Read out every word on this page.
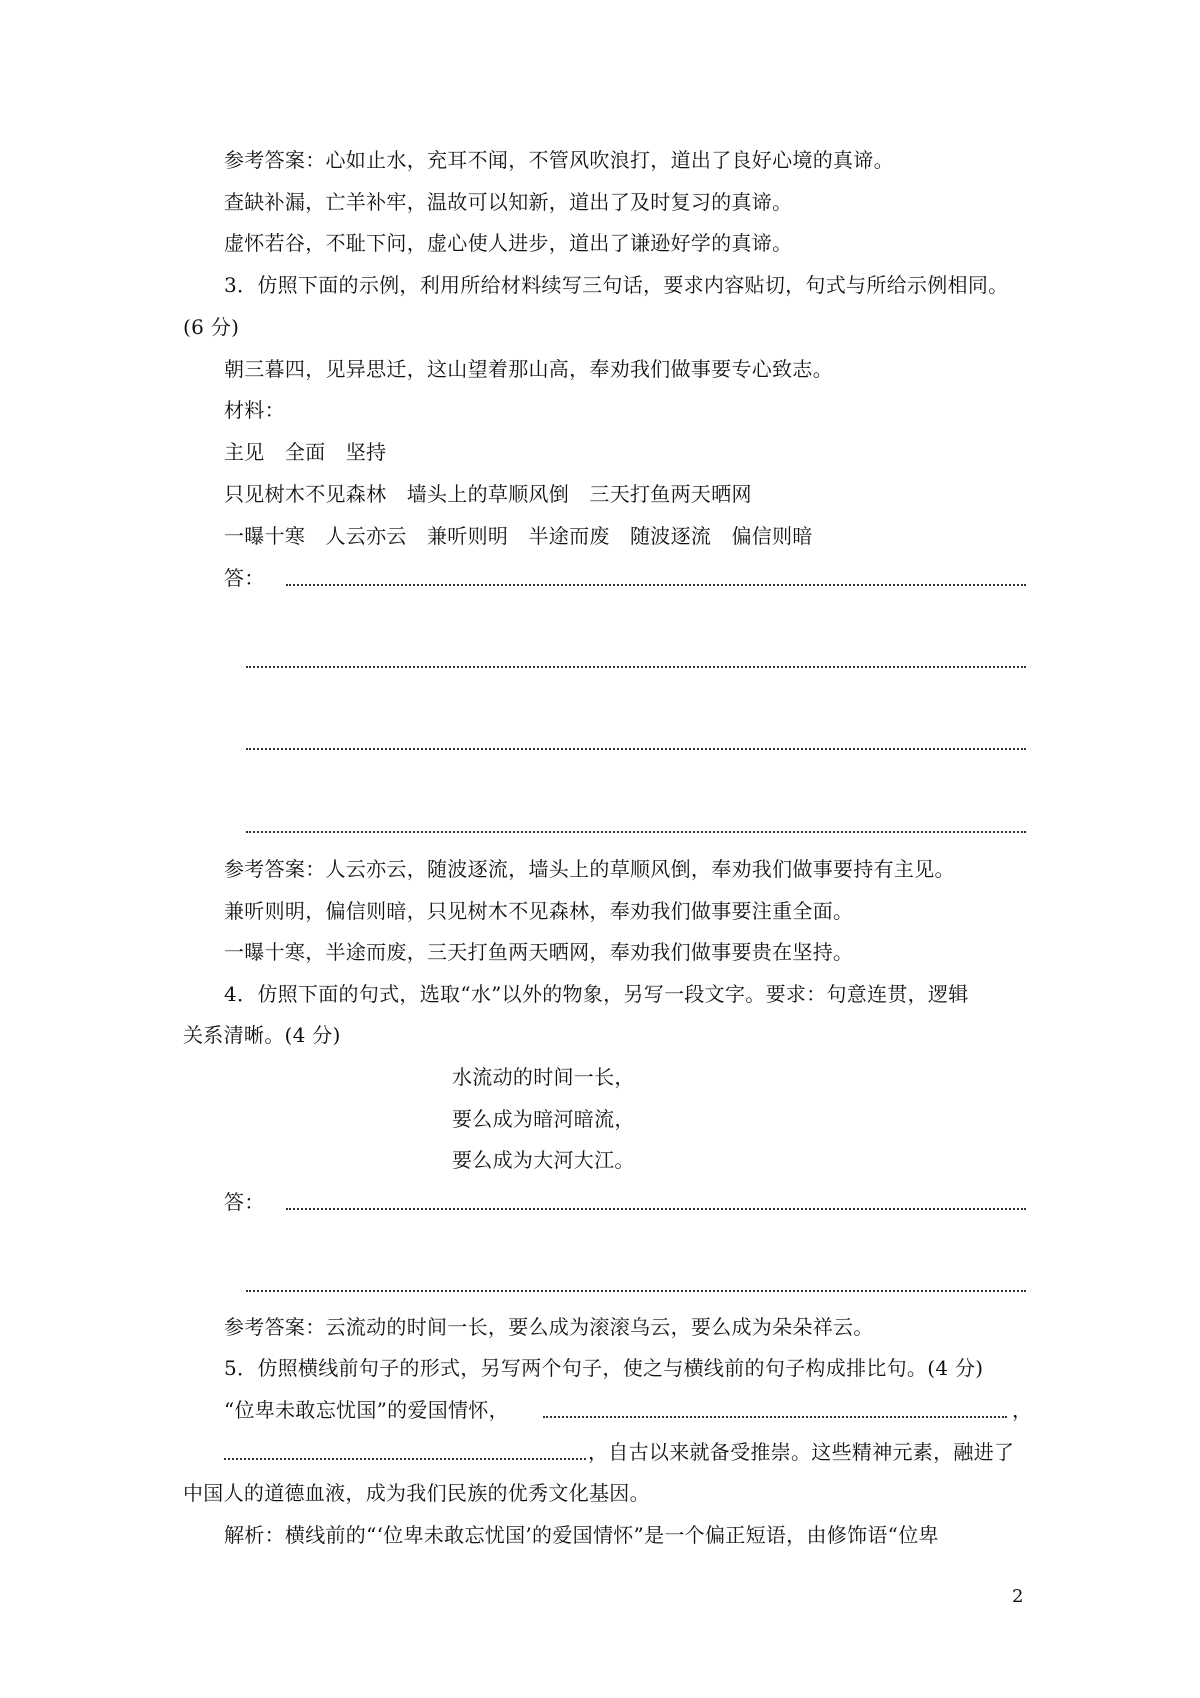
参考答案：心如止水，充耳不闻，不管风吹浪打，道出了良好心境的真谛。
查缺补漏，亡羊补牢，温故可以知新，道出了及时复习的真谛。
虚怀若谷，不耻下问，虚心使人进步，道出了谦逊好学的真谛。
3．仿照下面的示例，利用所给材料续写三句话，要求内容贴切，句式与所给示例相同。
(6 分)
朝三暮四，见异思迁，这山望着那山高，奉劝我们做事要专心致志。
材料：
主见　全面　坚持
只见树木不见森林　墙头上的草顺风倒　三天打鱼两天晒网
一曝十寒　人云亦云　兼听则明　半途而废　随波逐流　偏信则暗
答：
参考答案：人云亦云，随波逐流，墙头上的草顺风倒，奉劝我们做事要持有主见。
兼听则明，偏信则暗，只见树木不见森林，奉劝我们做事要注重全面。
一曝十寒，半途而废，三天打鱼两天晒网，奉劝我们做事要贵在坚持。
4．仿照下面的句式，选取“水”以外的物象，另写一段文字。要求：句意连贯，逻辑
关系清晰。(4 分)
水流动的时间一长，
要么成为暗河暗流，
要么成为大河大江。
答：
参考答案：云流动的时间一长，要么成为滚滚乌云，要么成为朵朵祥云。
5．仿照横线前句子的形式，另写两个句子，使之与横线前的句子构成排比句。(4 分)
“位卑未敢忘忧国”的爱国情怀，	，
，自古以来就备受推崇。这些精神元素，融进了
中国人的道德血液，成为我们民族的优秀文化基因。
解析：横线前的“‘位卑未敢忘忧国’的爱国情怀”是一个偏正短语，由修饰语“位卑
2
